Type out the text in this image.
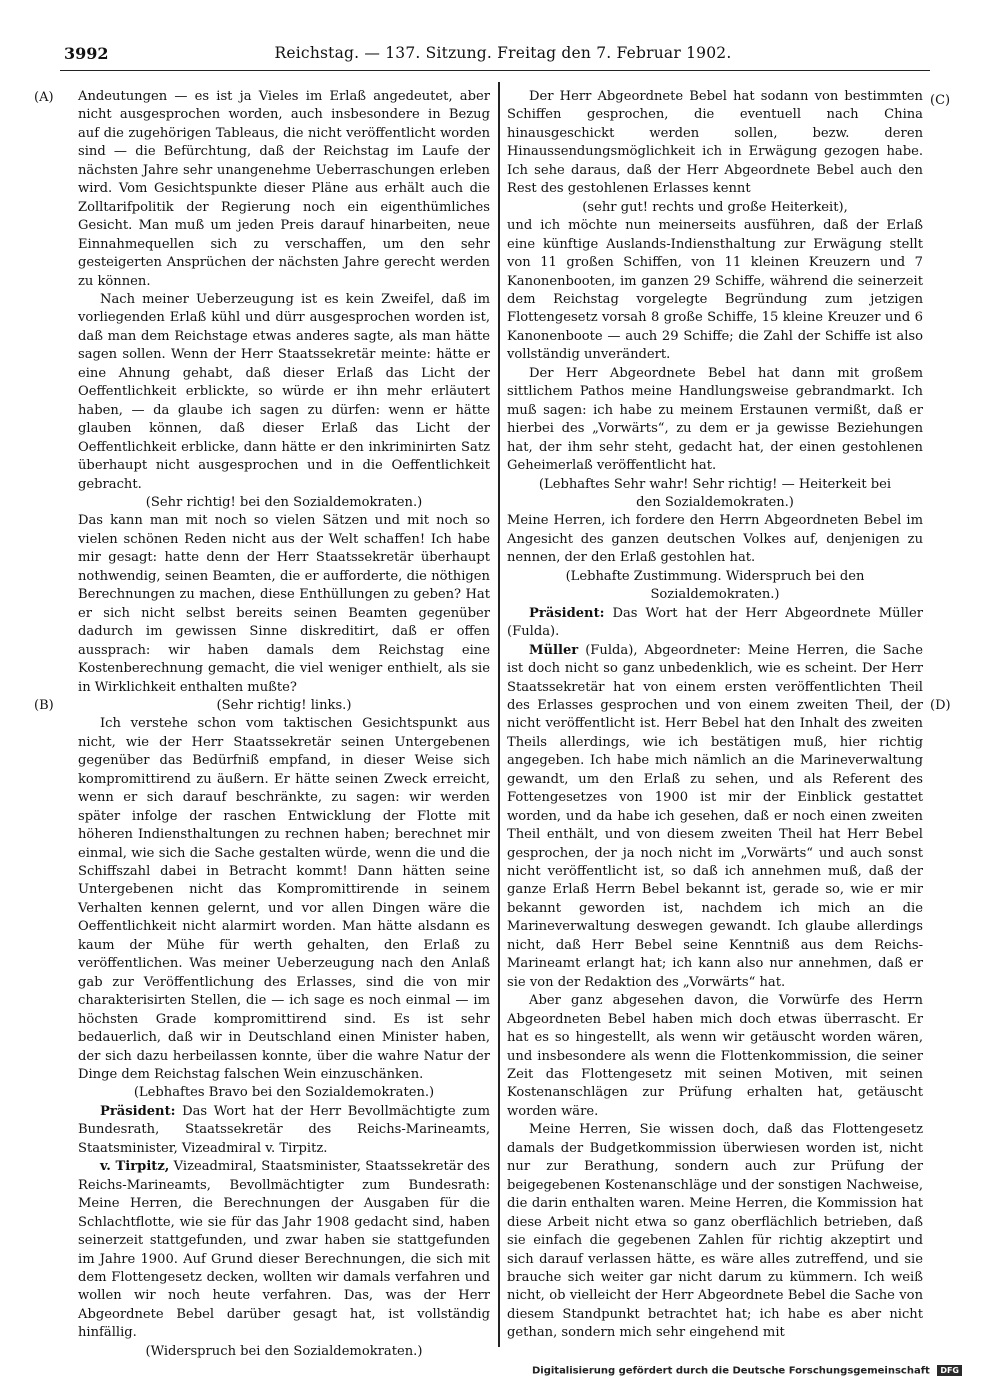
3992	Reichstag. — 137. Sitzung. Freitag den 7. Februar 1902.
(A)
(B)
(C)
(D)

Andeutungen — es ist ja Vieles im Erlaß angedeutet, aber nicht ausgesprochen worden, auch insbesondere in Bezug auf die zugehörigen Tableaus, die nicht veröffentlicht worden sind — die Befürchtung, daß der Reichstag im Laufe der nächsten Jahre sehr unangenehme Ueberraschungen erleben wird. Vom Gesichtspunkte dieser Pläne aus erhält auch die Zolltarifpolitik der Regierung noch ein eigenthümliches Gesicht. Man muß um jeden Preis darauf hinarbeiten, neue Einnahmequellen sich zu verschaffen, um den sehr gesteigerten Ansprüchen der nächsten Jahre gerecht werden zu können.

Nach meiner Ueberzeugung ist es kein Zweifel, daß im vorliegenden Erlaß kühl und dürr ausgesprochen worden ist, daß man dem Reichstage etwas anderes sagte, als man hätte sagen sollen. Wenn der Herr Staatssekretär meinte: hätte er eine Ahnung gehabt, daß dieser Erlaß das Licht der Oeffentlichkeit erblickte, so würde er ihn mehr erläutert haben, — da glaube ich sagen zu dürfen: wenn er hätte glauben können, daß dieser Erlaß das Licht der Oeffentlichkeit erblicke, dann hätte er den inkriminirten Satz überhaupt nicht ausgesprochen und in die Oeffentlichkeit gebracht.

(Sehr richtig! bei den Sozialdemokraten.)

Das kann man mit noch so vielen Sätzen und mit noch so vielen schönen Reden nicht aus der Welt schaffen! Ich habe mir gesagt: hatte denn der Herr Staatssekretär überhaupt nothwendig, seinen Beamten, die er aufforderte, die nöthigen Berechnungen zu machen, diese Enthüllungen zu geben? Hat er sich nicht selbst bereits seinen Beamten gegenüber dadurch im gewissen Sinne diskreditirt, daß er offen aussprach: wir haben damals dem Reichstag eine Kostenberechnung gemacht, die viel weniger enthielt, als sie in Wirklichkeit enthalten mußte?

(Sehr richtig! links.)

Ich verstehe schon vom taktischen Gesichtspunkt aus nicht, wie der Herr Staatssekretär seinen Untergebenen gegenüber das Bedürfniß empfand, in dieser Weise sich kompromittirend zu äußern. Er hätte seinen Zweck erreicht, wenn er sich darauf beschränkte, zu sagen: wir werden später infolge der raschen Entwicklung der Flotte mit höheren Indiensthaltungen zu rechnen haben; berechnet mir einmal, wie sich die Sache gestalten würde, wenn die und die Schiffszahl dabei in Betracht kommt! Dann hätten seine Untergebenen nicht das Kompromittirende in seinem Verhalten kennen gelernt, und vor allen Dingen wäre die Oeffentlichkeit nicht alarmirt worden. Man hätte alsdann es kaum der Mühe für werth gehalten, den Erlaß zu veröffentlichen. Was meiner Ueberzeugung nach den Anlaß gab zur Veröffentlichung des Erlasses, sind die von mir charakterisirten Stellen, die — ich sage es noch einmal — im höchsten Grade kompromittirend sind. Es ist sehr bedauerlich, daß wir in Deutschland einen Minister haben, der sich dazu herbeilassen konnte, über die wahre Natur der Dinge dem Reichstag falschen Wein einzuschänken.

(Lebhaftes Bravo bei den Sozialdemokraten.)

Präsident: Das Wort hat der Herr Bevollmächtigte zum Bundesrath, Staatssekretär des Reichs-Marineamts, Staatsminister, Vizeadmiral v. Tirpitz.

v. Tirpitz, Vizeadmiral, Staatsminister, Staatssekretär des Reichs-Marineamts, Bevollmächtigter zum Bundesrath: Meine Herren, die Berechnungen der Ausgaben für die Schlachtflotte, wie sie für das Jahr 1908 gedacht sind, haben seinerzeit stattgefunden, und zwar haben sie stattgefunden im Jahre 1900. Auf Grund dieser Berechnungen, die sich mit dem Flottengesetz decken, wollten wir damals verfahren und wollen wir noch heute verfahren. Das, was der Herr Abgeordnete Bebel darüber gesagt hat, ist vollständig hinfällig.

(Widerspruch bei den Sozialdemokraten.)

Der Herr Abgeordnete Bebel hat sodann von bestimmten Schiffen gesprochen, die eventuell nach China hinausgeschickt werden sollen, bezw. deren Hinaussendungsmöglichkeit ich in Erwägung gezogen habe. Ich sehe daraus, daß der Herr Abgeordnete Bebel auch den Rest des gestohlenen Erlasses kennt

(sehr gut! rechts und große Heiterkeit),

und ich möchte nun meinerseits ausführen, daß der Erlaß eine künftige Auslands-Indiensthaltung zur Erwägung stellt von 11 großen Schiffen, von 11 kleinen Kreuzern und 7 Kanonenbooten, im ganzen 29 Schiffe, während die seinerzeit dem Reichstag vorgelegte Begründung zum jetzigen Flottengesetz vorsah 8 große Schiffe, 15 kleine Kreuzer und 6 Kanonenboote — auch 29 Schiffe; die Zahl der Schiffe ist also vollständig unverändert.

Der Herr Abgeordnete Bebel hat dann mit großem sittlichem Pathos meine Handlungsweise gebrandmarkt. Ich muß sagen: ich habe zu meinem Erstaunen vermißt, daß er hierbei des „Vorwärts“, zu dem er ja gewisse Beziehungen hat, der ihm sehr steht, gedacht hat, der einen gestohlenen Geheimerlaß veröffentlicht hat.

(Lebhaftes Sehr wahr! Sehr richtig! — Heiterkeit bei den Sozialdemokraten.)

Meine Herren, ich fordere den Herrn Abgeordneten Bebel im Angesicht des ganzen deutschen Volkes auf, denjenigen zu nennen, der den Erlaß gestohlen hat.

(Lebhafte Zustimmung. Widerspruch bei den Sozialdemokraten.)

Präsident: Das Wort hat der Herr Abgeordnete Müller (Fulda).

Müller (Fulda), Abgeordneter: Meine Herren, die Sache ist doch nicht so ganz unbedenklich, wie es scheint. Der Herr Staatssekretär hat von einem ersten veröffentlichten Theil des Erlasses gesprochen und von einem zweiten Theil, der nicht veröffentlicht ist. Herr Bebel hat den Inhalt des zweiten Theils allerdings, wie ich bestätigen muß, hier richtig angegeben. Ich habe mich nämlich an die Marineverwaltung gewandt, um den Erlaß zu sehen, und als Referent des Fottengesetzes von 1900 ist mir der Einblick gestattet worden, und da habe ich gesehen, daß er noch einen zweiten Theil enthält, und von diesem zweiten Theil hat Herr Bebel gesprochen, der ja noch nicht im „Vorwärts“ und auch sonst nicht veröffentlicht ist, so daß ich annehmen muß, daß der ganze Erlaß Herrn Bebel bekannt ist, gerade so, wie er mir bekannt geworden ist, nachdem ich mich an die Marineverwaltung deswegen gewandt. Ich glaube allerdings nicht, daß Herr Bebel seine Kenntniß aus dem Reichs-Marineamt erlangt hat; ich kann also nur annehmen, daß er sie von der Redaktion des „Vorwärts“ hat.

Aber ganz abgesehen davon, die Vorwürfe des Herrn Abgeordneten Bebel haben mich doch etwas überrascht. Er hat es so hingestellt, als wenn wir getäuscht worden wären, und insbesondere als wenn die Flottenkommission, die seiner Zeit das Flottengesetz mit seinen Motiven, mit seinen Kostenanschlägen zur Prüfung erhalten hat, getäuscht worden wäre.

Meine Herren, Sie wissen doch, daß das Flottengesetz damals der Budgetkommission überwiesen worden ist, nicht nur zur Berathung, sondern auch zur Prüfung der beigegebenen Kostenanschläge und der sonstigen Nachweise, die darin enthalten waren. Meine Herren, die Kommission hat diese Arbeit nicht etwa so ganz oberflächlich betrieben, daß sie einfach die gegebenen Zahlen für richtig akzeptirt und sich darauf verlassen hätte, es wäre alles zutreffend, und sie brauche sich weiter gar nicht darum zu kümmern. Ich weiß nicht, ob vielleicht der Herr Abgeordnete Bebel die Sache von diesem Standpunkt betrachtet hat; ich habe es aber nicht gethan, sondern mich sehr eingehend mit

Digitalisierung gefördert durch die Deutsche Forschungsgemeinschaft DFG
